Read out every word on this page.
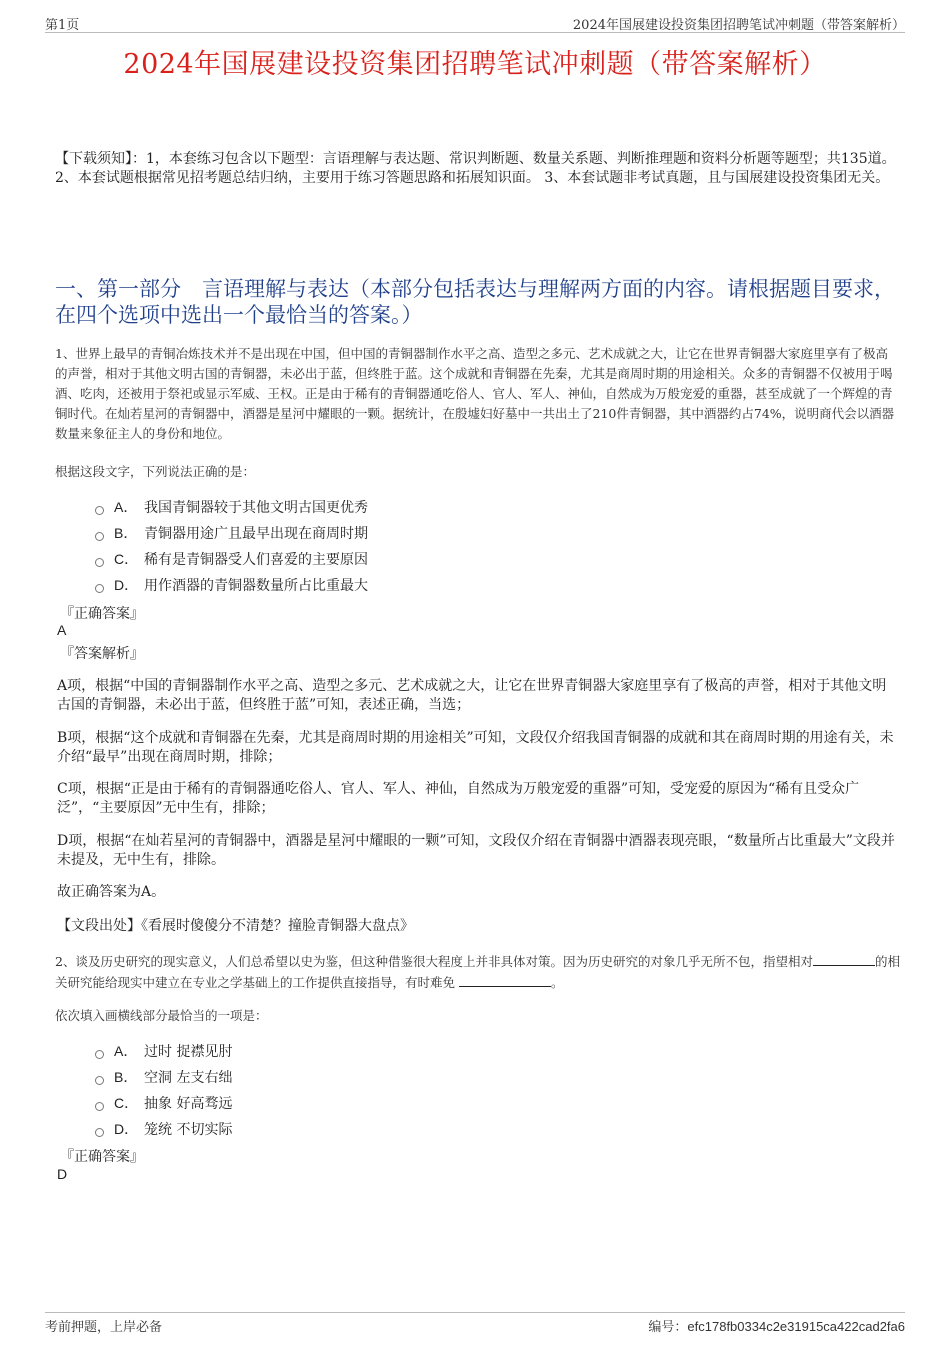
第1页	2024年国展建设投资集团招聘笔试冲刺题（带答案解析）
2024年国展建设投资集团招聘笔试冲刺题（带答案解析）
【下载须知】：1，本套练习包含以下题型：言语理解与表达题、常识判断题、数量关系题、判断推理题和资料分析题等题型；共135道。 2、本套试题根据常见招考题总结归纳，主要用于练习答题思路和拓展知识面。 3、本套试题非考试真题，且与国展建设投资集团无关。
一、第一部分　言语理解与表达（本部分包括表达与理解两方面的内容。请根据题目要求，在四个选项中选出一个最恰当的答案。）
1、世界上最早的青铜冶炼技术并不是出现在中国，但中国的青铜器制作水平之高、造型之多元、艺术成就之大，让它在世界青铜器大家庭里享有了极高的声誉，相对于其他文明古国的青铜器，未必出于蓝，但终胜于蓝。这个成就和青铜器在先秦，尤其是商周时期的用途相关。众多的青铜器不仅被用于喝酒、吃肉，还被用于祭祀或显示军威、王权。正是由于稀有的青铜器通吃俗人、官人、军人、神仙，自然成为万般宠爱的重器，甚至成就了一个辉煌的青铜时代。在灿若星河的青铜器中，酒器是星河中耀眼的一颗。据统计，在殷墟妇好墓中一共出土了210件青铜器，其中酒器约占74%，说明商代会以酒器数量来象征主人的身份和地位。
根据这段文字，下列说法正确的是：
A． 我国青铜器较于其他文明古国更优秀
B． 青铜器用途广且最早出现在商周时期
C． 稀有是青铜器受人们喜爱的主要原因
D． 用作酒器的青铜器数量所占比重最大
『正确答案』
A
『答案解析』
A项，根据“中国的青铜器制作水平之高、造型之多元、艺术成就之大，让它在世界青铜器大家庭里享有了极高的声誉，相对于其他文明古国的青铜器，未必出于蓝，但终胜于蓝”可知，表述正确，当选；
B项，根据“这个成就和青铜器在先秦，尤其是商周时期的用途相关”可知，文段仅介绍我国青铜器的成就和其在商周时期的用途有关，未介绍“最早”出现在商周时期，排除；
C项，根据“正是由于稀有的青铜器通吃俗人、官人、军人、神仙，自然成为万般宠爱的重器”可知，受宠爱的原因为“稀有且受众广泛”，“主要原因”无中生有，排除；
D项，根据“在灿若星河的青铜器中，酒器是星河中耀眼的一颗”可知，文段仅介绍在青铜器中酒器表现亮眼，“数量所占比重最大”文段并未提及，无中生有，排除。
故正确答案为A。
【文段出处】《看展时傻傻分不清楚？撞脸青铜器大盘点》
2、谈及历史研究的现实意义，人们总希望以史为鉴，但这种借鉴很大程度上并非具体对策。因为历史研究的对象几乎无所不包，指望相对	的相关研究能给现实中建立在专业之学基础上的工作提供直接指导，有时难免	。
依次填入画横线部分最恰当的一项是：
A． 过时 捉襟见肘
B． 空洞 左支右绌
C． 抽象 好高骛远
D． 笼统 不切实际
『正确答案』
D
考前押题，上岸必备	编号：efc178fb0334c2e31915ca422cad2fa6
